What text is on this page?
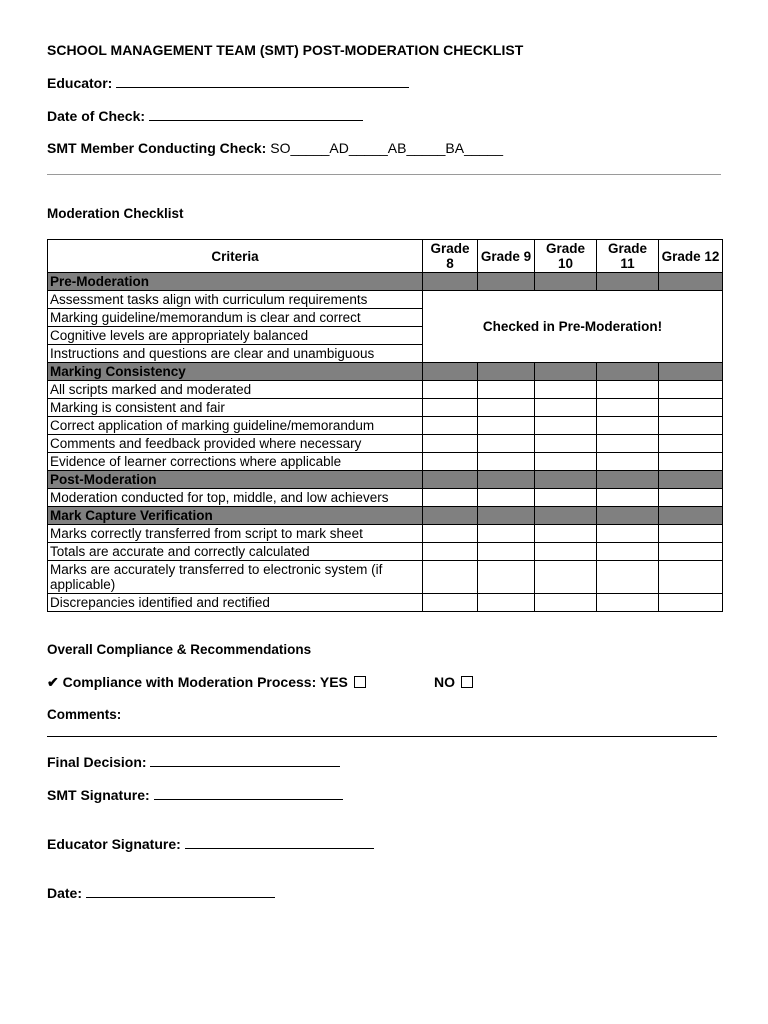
SCHOOL MANAGEMENT TEAM (SMT) POST-MODERATION CHECKLIST
Educator:
Date of Check:
SMT Member Conducting Check: SO_____AD_____AB_____BA_____
Moderation Checklist
Criteria	Grade 8	Grade 9	Grade 10	Grade 11	Grade 12
Pre-Moderation					
Assessment tasks align with curriculum requirements	Checked in Pre-Moderation!				
Marking guideline/memorandum is clear and correct					
Cognitive levels are appropriately balanced					
Instructions and questions are clear and unambiguous					
Marking Consistency					
All scripts marked and moderated					
Marking is consistent and fair					
Correct application of marking guideline/memorandum					
Comments and feedback provided where necessary					
Evidence of learner corrections where applicable					
Post-Moderation					
Moderation conducted for top, middle, and low achievers					
Mark Capture Verification					
Marks correctly transferred from script to mark sheet					
Totals are accurate and correctly calculated					
Marks are accurately transferred to electronic system (if applicable)					
Discrepancies identified and rectified					
Overall Compliance & Recommendations
✔ Compliance with Moderation Process: YES	NO
Comments:
Final Decision:
SMT Signature:
Educator Signature:
Date:
